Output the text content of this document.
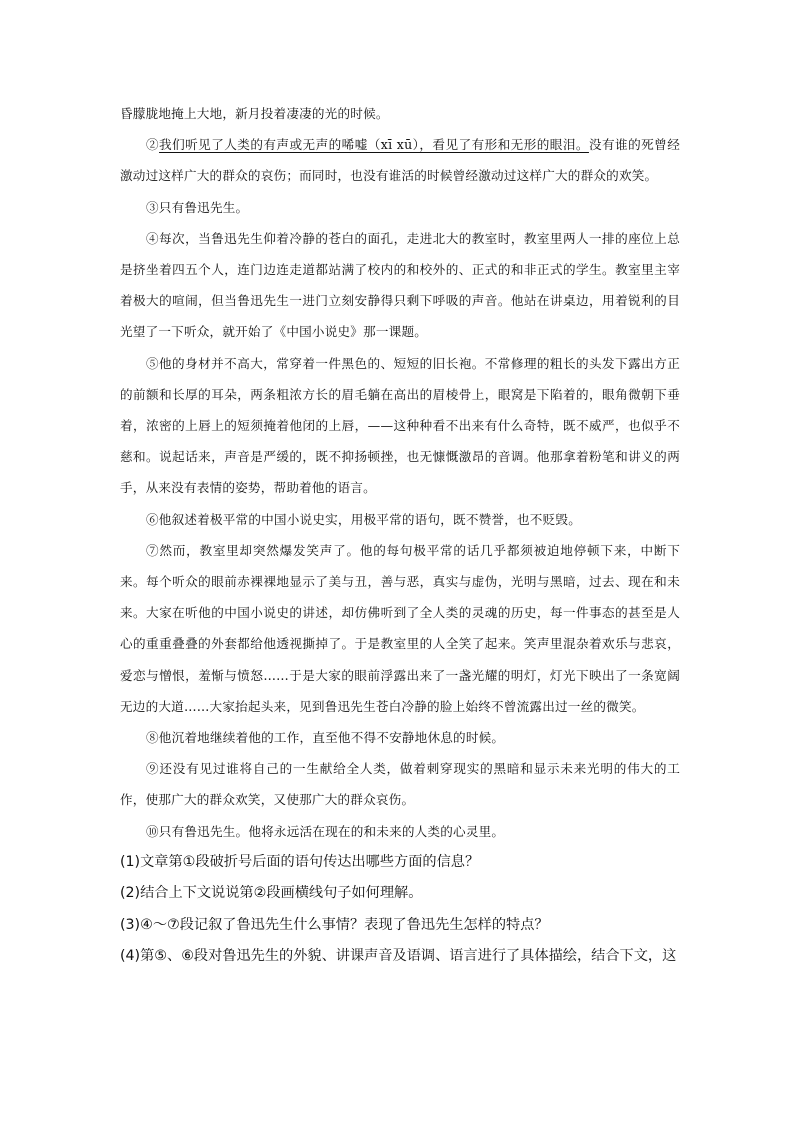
昏朦胧地掩上大地，新月投着凄凄的光的时候。

②我们听见了人类的有声或无声的唏嘘（xī xū），看见了有形和无形的眼泪。没有谁的死曾经激动过这样广大的群众的哀伤；而同时，也没有谁活的时候曾经激动过这样广大的群众的欢笑。

③只有鲁迅先生。

④每次，当鲁迅先生仰着冷静的苍白的面孔，走进北大的教室时，教室里两人一排的座位上总是挤坐着四五个人，连门边连走道都站满了校内的和校外的、正式的和非正式的学生。教室里主宰着极大的喧闹，但当鲁迅先生一进门立刻安静得只剩下呼吸的声音。他站在讲桌边，用着锐利的目光望了一下听众，就开始了《中国小说史》那一课题。

⑤他的身材并不高大，常穿着一件黑色的、短短的旧长袍。不常修理的粗长的头发下露出方正的前额和长厚的耳朵，两条粗浓方长的眉毛躺在高出的眉棱骨上，眼窝是下陷着的，眼角微朝下垂着，浓密的上唇上的短须掩着他闭的上唇，——这种种看不出来有什么奇特，既不威严，也似乎不慈和。说起话来，声音是严缓的，既不抑扬顿挫，也无慷慨激昂的音调。他那拿着粉笔和讲义的两手，从来没有表情的姿势，帮助着他的语言。

⑥他叙述着极平常的中国小说史实，用极平常的语句，既不赞誉，也不贬毁。

⑦然而，教室里却突然爆发笑声了。他的每句极平常的话几乎都须被迫地停顿下来，中断下来。每个听众的眼前赤裸裸地显示了美与丑，善与恶，真实与虚伪，光明与黑暗，过去、现在和未来。大家在听他的中国小说史的讲述，却仿佛听到了全人类的灵魂的历史，每一件事态的甚至是人心的重重叠叠的外套都给他透视撕掉了。于是教室里的人全笑了起来。笑声里混杂着欢乐与悲哀，爱恋与憎恨，羞惭与愤怒……于是大家的眼前浮露出来了一盏光耀的明灯，灯光下映出了一条宽阔无边的大道……大家抬起头来，见到鲁迅先生苍白冷静的脸上始终不曾流露出过一丝的微笑。

⑧他沉着地继续着他的工作，直至他不得不安静地休息的时候。

⑨还没有见过谁将自己的一生献给全人类，做着刺穿现实的黑暗和显示未来光明的伟大的工作，使那广大的群众欢笑，又使那广大的群众哀伤。

⑩只有鲁迅先生。他将永远活在现在的和未来的人类的心灵里。

(1)文章第①段破折号后面的语句传达出哪些方面的信息？

(2)结合上下文说说第②段画横线句子如何理解。

(3)④～⑦段记叙了鲁迅先生什么事情？表现了鲁迅先生怎样的特点？

(4)第⑤、⑥段对鲁迅先生的外貌、讲课声音及语调、语言进行了具体描绘，结合下文，这
